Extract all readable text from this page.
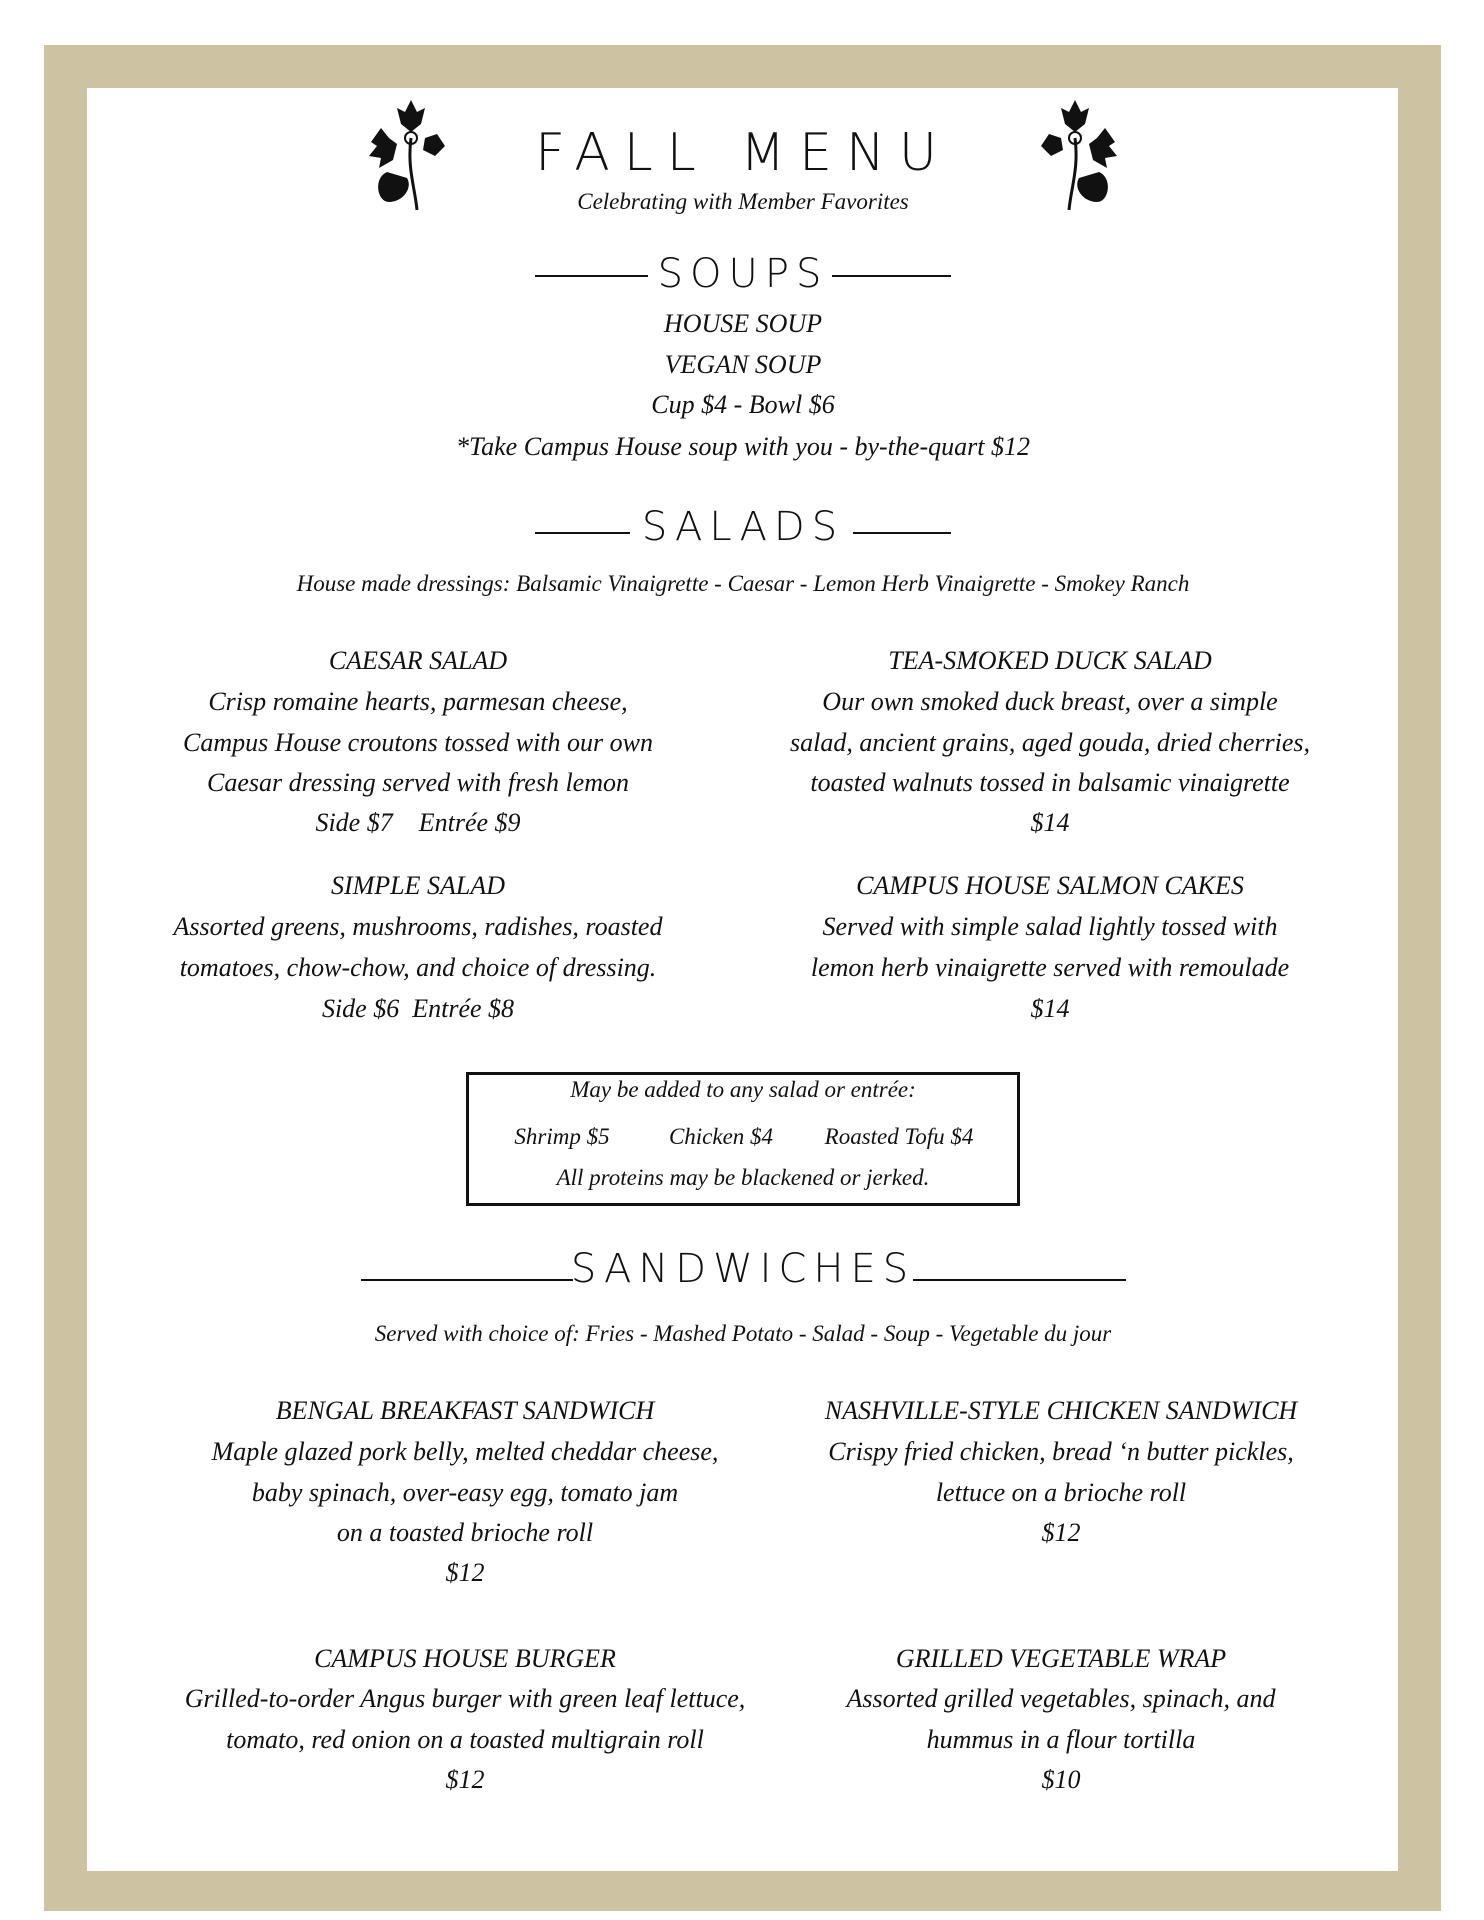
FALL MENU
Celebrating with Member Favorites
SOUPS
HOUSE SOUP
VEGAN SOUP
Cup $4 - Bowl $6
*Take Campus House soup with you - by-the-quart $12
SALADS
House made dressings: Balsamic Vinaigrette - Caesar - Lemon Herb Vinaigrette - Smokey Ranch
CAESAR SALAD
Crisp romaine hearts, parmesan cheese,
Campus House croutons tossed with our own
Caesar dressing served with fresh lemon
Side $7    Entrée $9
TEA-SMOKED DUCK SALAD
Our own smoked duck breast, over a simple
salad, ancient grains, aged gouda, dried cherries,
toasted walnuts tossed in balsamic vinaigrette
$14
SIMPLE SALAD
Assorted greens, mushrooms, radishes, roasted
tomatoes, chow-chow, and choice of dressing.
Side $6  Entrée $8
CAMPUS HOUSE SALMON CAKES
Served with simple salad lightly tossed with
lemon herb vinaigrette served with remoulade
$14
May be added to any salad or entrée:
Shrimp $5	Chicken $4 Roasted Tofu $4
All proteins may be blackened or jerked.
SANDWICHES
Served with choice of: Fries - Mashed Potato - Salad - Soup - Vegetable du jour
BENGAL BREAKFAST SANDWICH
Maple glazed pork belly, melted cheddar cheese,
baby spinach, over-easy egg, tomato jam
on a toasted brioche roll
$12
NASHVILLE-STYLE CHICKEN SANDWICH
Crispy fried chicken, bread ‘n butter pickles,
lettuce on a brioche roll
$12
CAMPUS HOUSE BURGER
Grilled-to-order Angus burger with green leaf lettuce,
tomato, red onion on a toasted multigrain roll
$12
GRILLED VEGETABLE WRAP
Assorted grilled vegetables, spinach, and
hummus in a flour tortilla
$10
